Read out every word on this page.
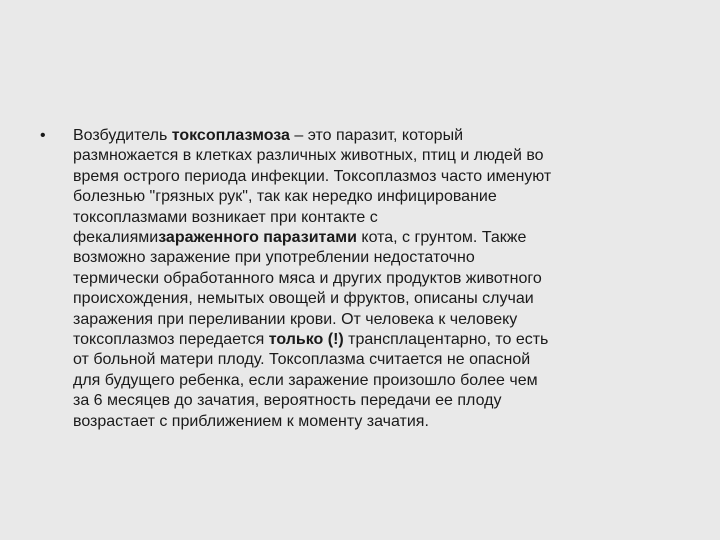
• Возбудитель токсоплазмоза – это паразит, который
размножается в клетках различных животных, птиц и людей во
время острого периода инфекции. Токсоплазмоз часто именуют
болезнью "грязных рук", так как нередко инфицирование
токсоплазмами возникает при контакте с
фекалиямизараженного паразитами кота, с грунтом. Также
возможно заражение при употреблении недостаточно
термически обработанного мяса и других продуктов животного
происхождения, немытых овощей и фруктов, описаны случаи
заражения при переливании крови. От человека к человеку
токсоплазмоз передается только (!) трансплацентарно, то есть
от больной матери плоду. Токсоплазма считается не опасной
для будущего ребенка, если заражение произошло более чем
за 6 месяцев до зачатия, вероятность передачи ее плоду
возрастает с приближением к моменту зачатия.
